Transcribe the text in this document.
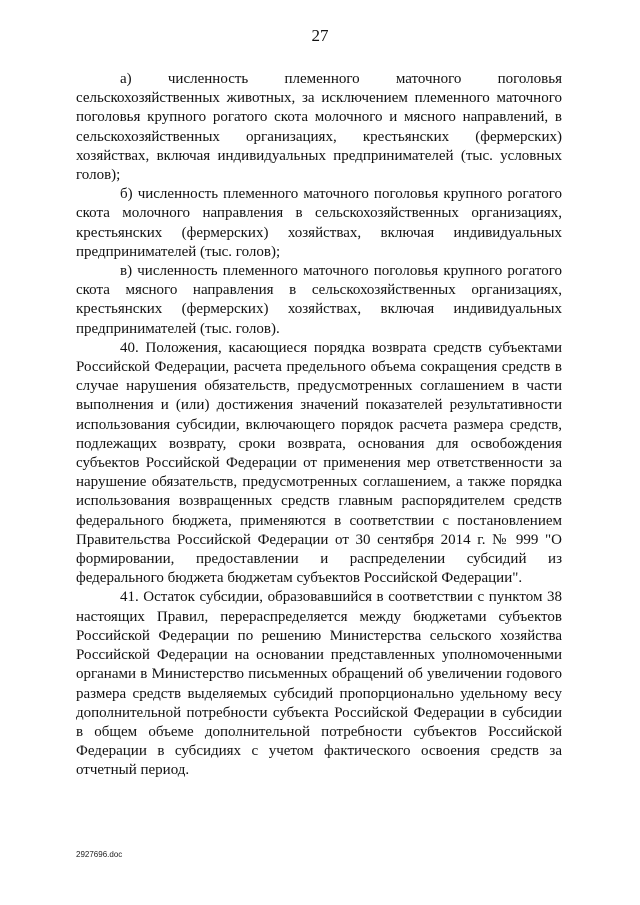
27

а) численность племенного маточного поголовья сельскохозяйственных животных, за исключением племенного маточного поголовья крупного рогатого скота молочного и мясного направлений, в сельскохозяйственных организациях, крестьянских (фермерских) хозяйствах, включая индивидуальных предпринимателей (тыс. условных голов);

б) численность племенного маточного поголовья крупного рогатого скота молочного направления в сельскохозяйственных организациях, крестьянских (фермерских) хозяйствах, включая индивидуальных предпринимателей (тыс. голов);

в) численность племенного маточного поголовья крупного рогатого скота мясного направления в сельскохозяйственных организациях, крестьянских (фермерских) хозяйствах, включая индивидуальных предпринимателей (тыс. голов).

40. Положения, касающиеся порядка возврата средств субъектами Российской Федерации, расчета предельного объема сокращения средств в случае нарушения обязательств, предусмотренных соглашением в части выполнения и (или) достижения значений показателей результативности использования субсидии, включающего порядок расчета размера средств, подлежащих возврату, сроки возврата, основания для освобождения субъектов Российской Федерации от применения мер ответственности за нарушение обязательств, предусмотренных соглашением, а также порядка использования возвращенных средств главным распорядителем средств федерального бюджета, применяются в соответствии с постановлением Правительства Российской Федерации от 30 сентября 2014 г. № 999 "О формировании, предоставлении и распределении субсидий из федерального бюджета бюджетам субъектов Российской Федерации".

41. Остаток субсидии, образовавшийся в соответствии с пунктом 38 настоящих Правил, перераспределяется между бюджетами субъектов Российской Федерации по решению Министерства сельского хозяйства Российской Федерации на основании представленных уполномоченными органами в Министерство письменных обращений об увеличении годового размера средств выделяемых субсидий пропорционально удельному весу дополнительной потребности субъекта Российской Федерации в субсидии в общем объеме дополнительной потребности субъектов Российской Федерации в субсидиях с учетом фактического освоения средств за отчетный период.

2927696.doc
